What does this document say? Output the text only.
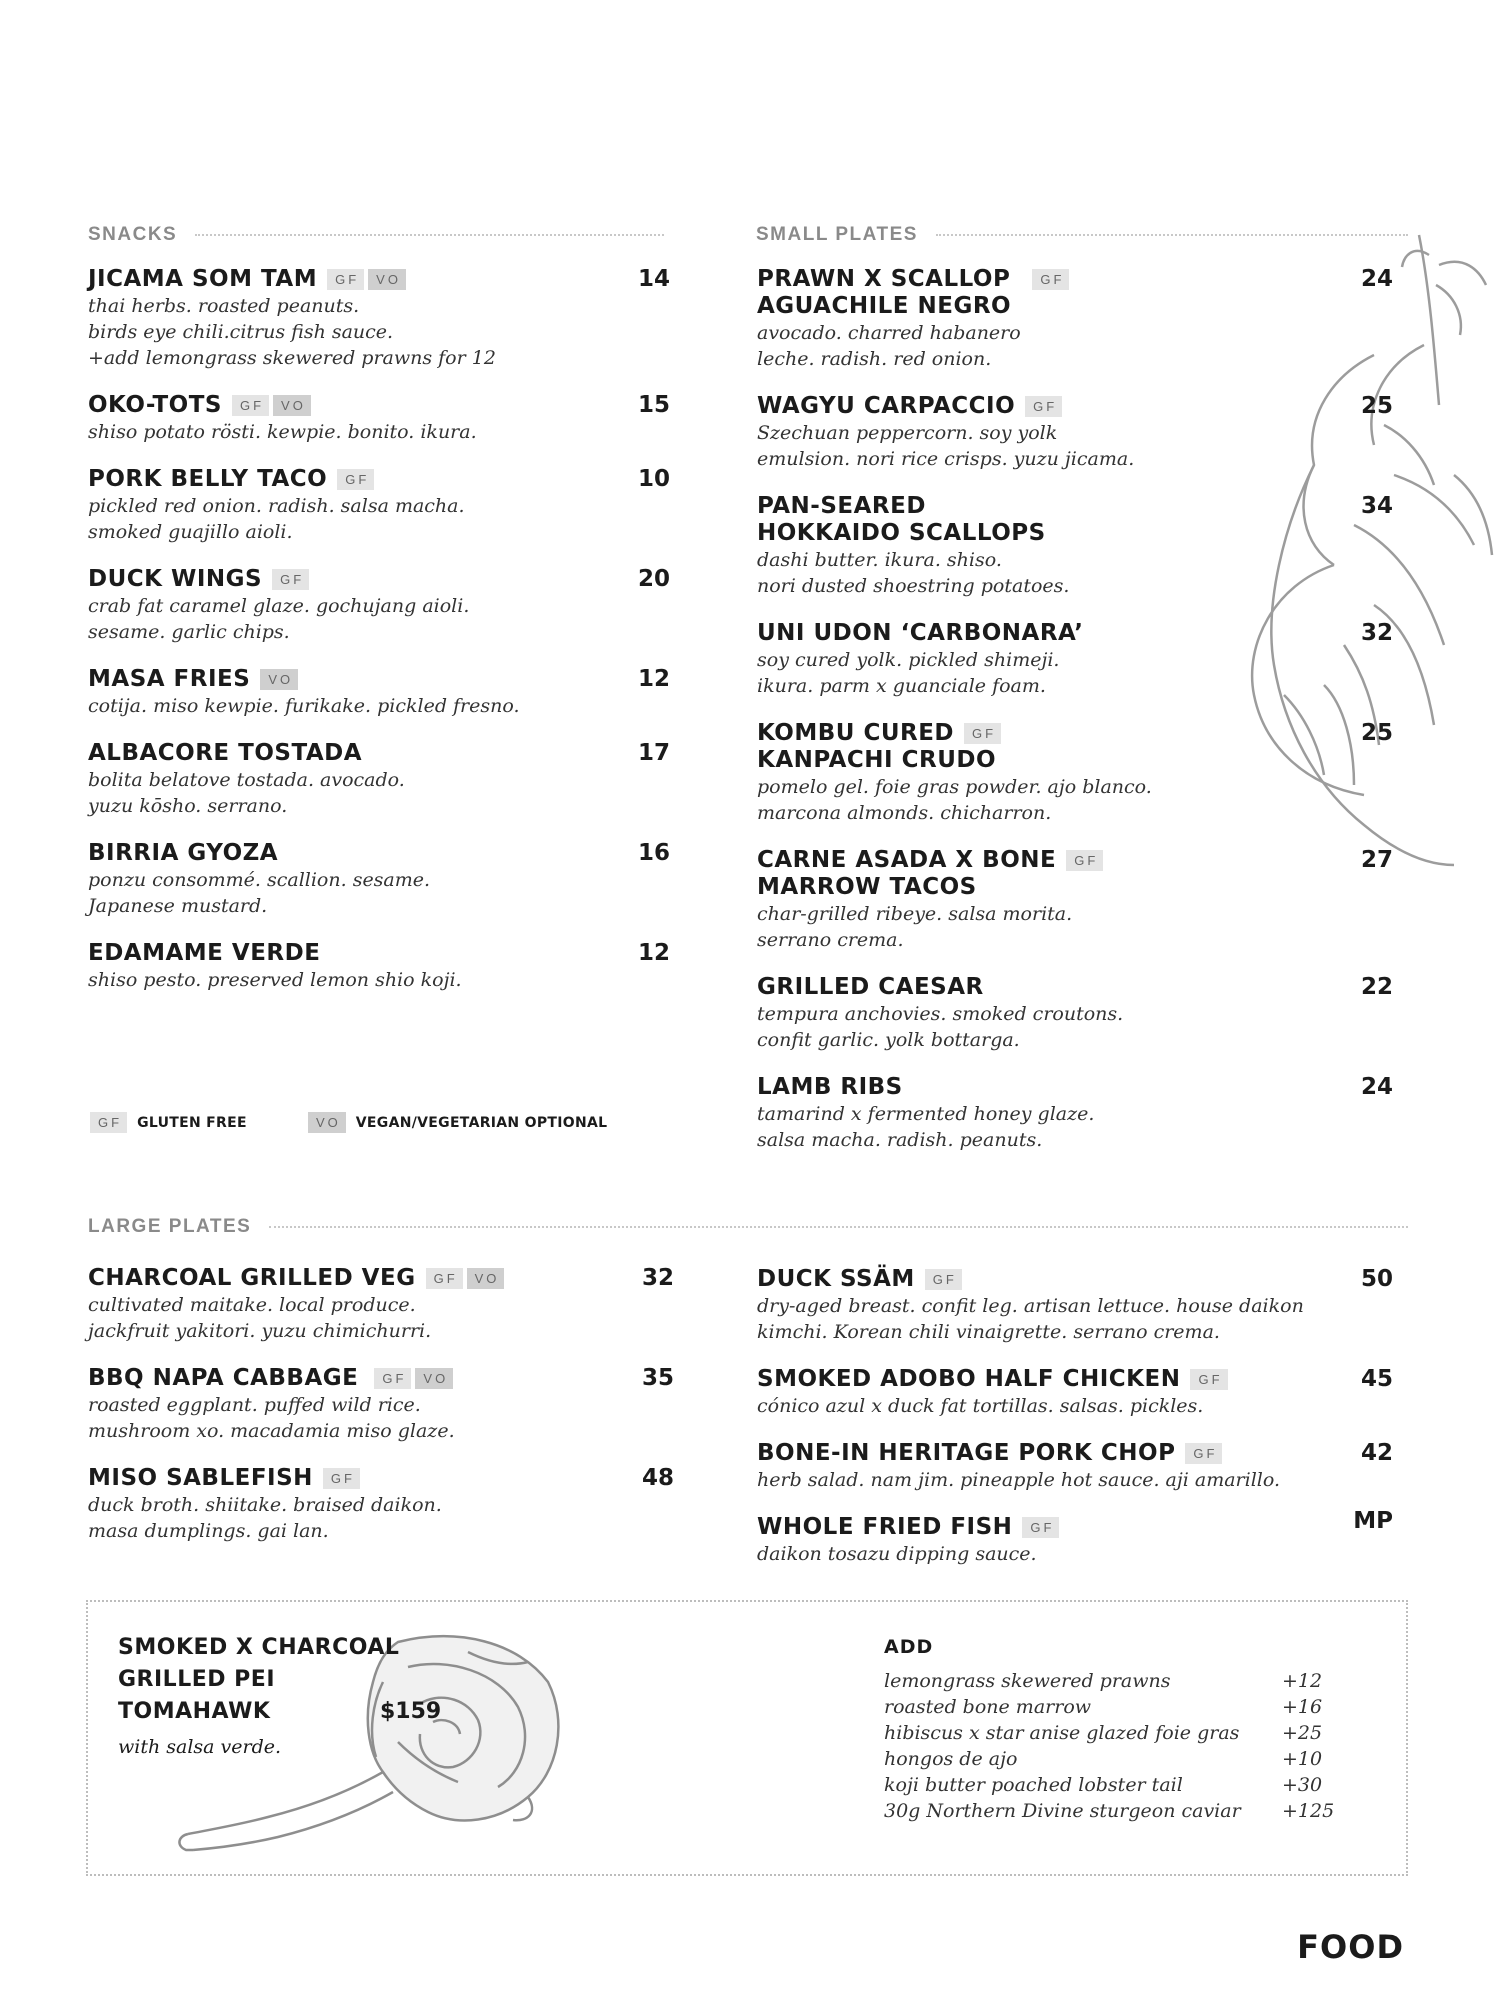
SNACKS	SMALL PLATES
LARGE PLATES
JICAMA SOM TAM	GF	VO	14
thai herbs. roasted peanuts.
birds eye chili.citrus fish sauce.
+add lemongrass skewered prawns for 12
OKO-TOTS	GF	VO	15
shiso potato rösti. kewpie. bonito. ikura.
PORK BELLY TACO	GF	10
pickled red onion. radish. salsa macha.
smoked guajillo aioli.
DUCK WINGS	GF	20
crab fat caramel glaze. gochujang aioli.
sesame. garlic chips.
MASA FRIES	VO	12
cotija. miso kewpie. furikake. pickled fresno.
ALBACORE TOSTADA	17
bolita belatove tostada. avocado.
yuzu kōsho. serrano.
BIRRIA GYOZA	16
ponzu consommé. scallion. sesame.
Japanese mustard.
EDAMAME VERDE	12
shiso pesto. preserved lemon shio koji.
GF	GLUTEN FREE	VO	VEGAN/VEGETARIAN OPTIONAL
PRAWN X SCALLOP	GF
AGUACHILE NEGRO
24
avocado. charred habanero
leche. radish. red onion.
WAGYU CARPACCIO	GF	25
Szechuan peppercorn. soy yolk
emulsion. nori rice crisps. yuzu jicama.
PAN-SEARED
HOKKAIDO SCALLOPS
34
dashi butter. ikura. shiso.
nori dusted shoestring potatoes.
UNI UDON ‘CARBONARA’	32
soy cured yolk. pickled shimeji.
ikura. parm x guanciale foam.
KOMBU CURED	GF
KANPACHI CRUDO
25
pomelo gel. foie gras powder. ajo blanco.
marcona almonds. chicharron.
CARNE ASADA X BONE	GF
MARROW TACOS
27
char-grilled ribeye. salsa morita.
serrano crema.
GRILLED CAESAR	22
tempura anchovies. smoked croutons.
confit garlic. yolk bottarga.
LAMB RIBS	24
tamarind x fermented honey glaze.
salsa macha. radish. peanuts.
CHARCOAL GRILLED VEG	GF	VO	32
cultivated maitake. local produce.
jackfruit yakitori. yuzu chimichurri.
BBQ NAPA CABBAGE	GF	VO	35
roasted eggplant. puffed wild rice.
mushroom xo. macadamia miso glaze.
MISO SABLEFISH	GF	48
duck broth. shiitake. braised daikon.
masa dumplings. gai lan.
DUCK SSÄM	GF	50
dry-aged breast. confit leg. artisan lettuce. house daikon
kimchi. Korean chili vinaigrette. serrano crema.
SMOKED ADOBO HALF CHICKEN	GF	45
cónico azul x duck fat tortillas. salsas. pickles.
BONE-IN HERITAGE PORK CHOP	GF	42
herb salad. nam jim. pineapple hot sauce. aji amarillo.
WHOLE FRIED FISH	GF	MP
daikon tosazu dipping sauce.
SMOKED X CHARCOAL
GRILLED PEI
TOMAHAWK	$159
with salsa verde.
ADD
lemongrass skewered prawns	+12
roasted bone marrow	+16
hibiscus x star anise glazed foie gras +25
hongos de ajo	+10
koji butter poached lobster tail	+30
30g Northern Divine sturgeon caviar +125
FOOD
